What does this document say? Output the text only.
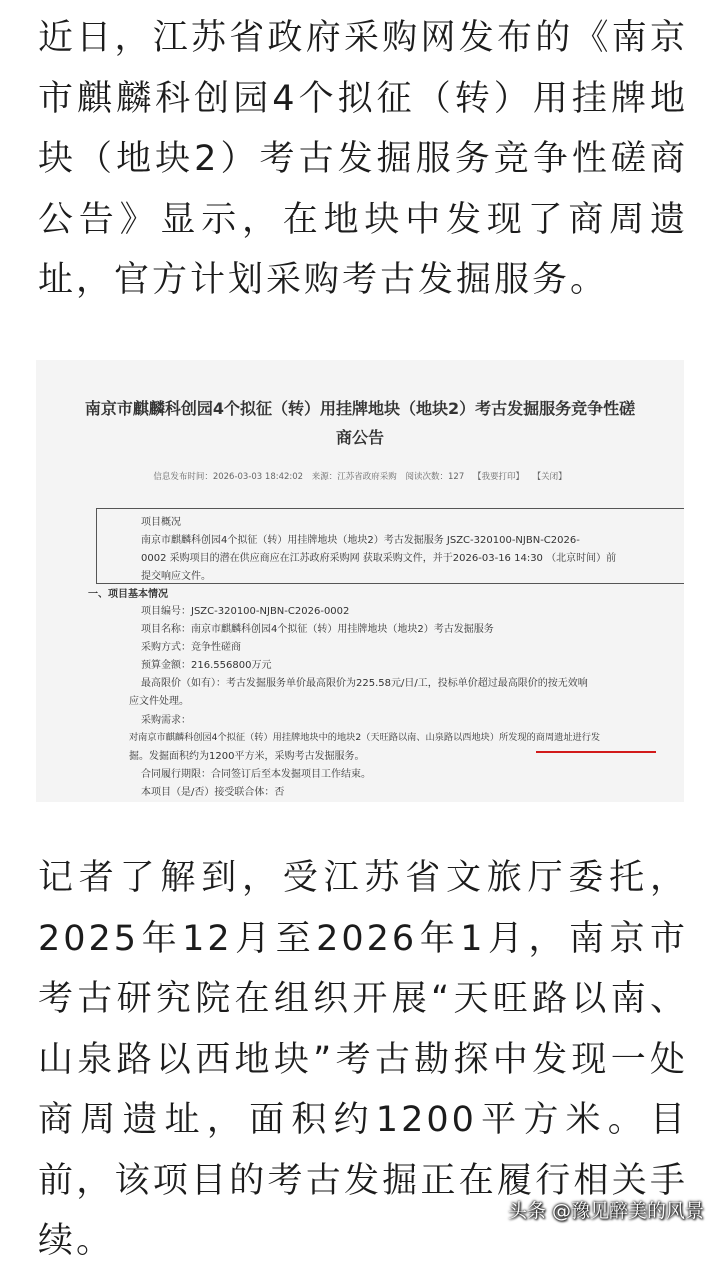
近日，江苏省政府采购网发布的《南京市麒麟科创园4个拟征（转）用挂牌地块（地块2）考古发掘服务竞争性磋商公告》显示，在地块中发现了商周遗址，官方计划采购考古发掘服务。
南京市麒麟科创园4个拟征（转）用挂牌地块（地块2）考古发掘服务竞争性磋
商公告
信息发布时间：2026-03-03 18:42:02 来源：江苏省政府采购 阅读次数：127 【我要打印】 【关闭】
项目概况
南京市麒麟科创园4个拟征（转）用挂牌地块（地块2）考古发掘服务 JSZC-320100-NJBN-C2026-
0002 采购项目的潜在供应商应在江苏政府采购网 获取采购文件，并于2026-03-16 14:30 （北京时间）前
提交响应文件。
一、项目基本情况
项目编号：JSZC-320100-NJBN-C2026-0002
项目名称：南京市麒麟科创园4个拟征（转）用挂牌地块（地块2）考古发掘服务
采购方式：竞争性磋商
预算金额：216.556800万元
最高限价（如有）：考古发掘服务单价最高限价为225.58元/日/工，投标单价超过最高限价的按无效响
应文件处理。
采购需求：
对南京市麒麟科创园4个拟征（转）用挂牌地块中的地块2（天旺路以南、山泉路以西地块）所发现的商周遗址进行发
掘。发掘面积约为1200平方米，采购考古发掘服务。
合同履行期限：合同签订后至本发掘项目工作结束。
本项目（是/否）接受联合体：否
记者了解到，受江苏省文旅厅委托，2025年12月至2026年1月，南京市考古研究院在组织开展“天旺路以南、山泉路以西地块”考古勘探中发现一处商周遗址，面积约1200平方米。目前，该项目的考古发掘正在履行相关手续。
头条 @豫见醉美的风景
